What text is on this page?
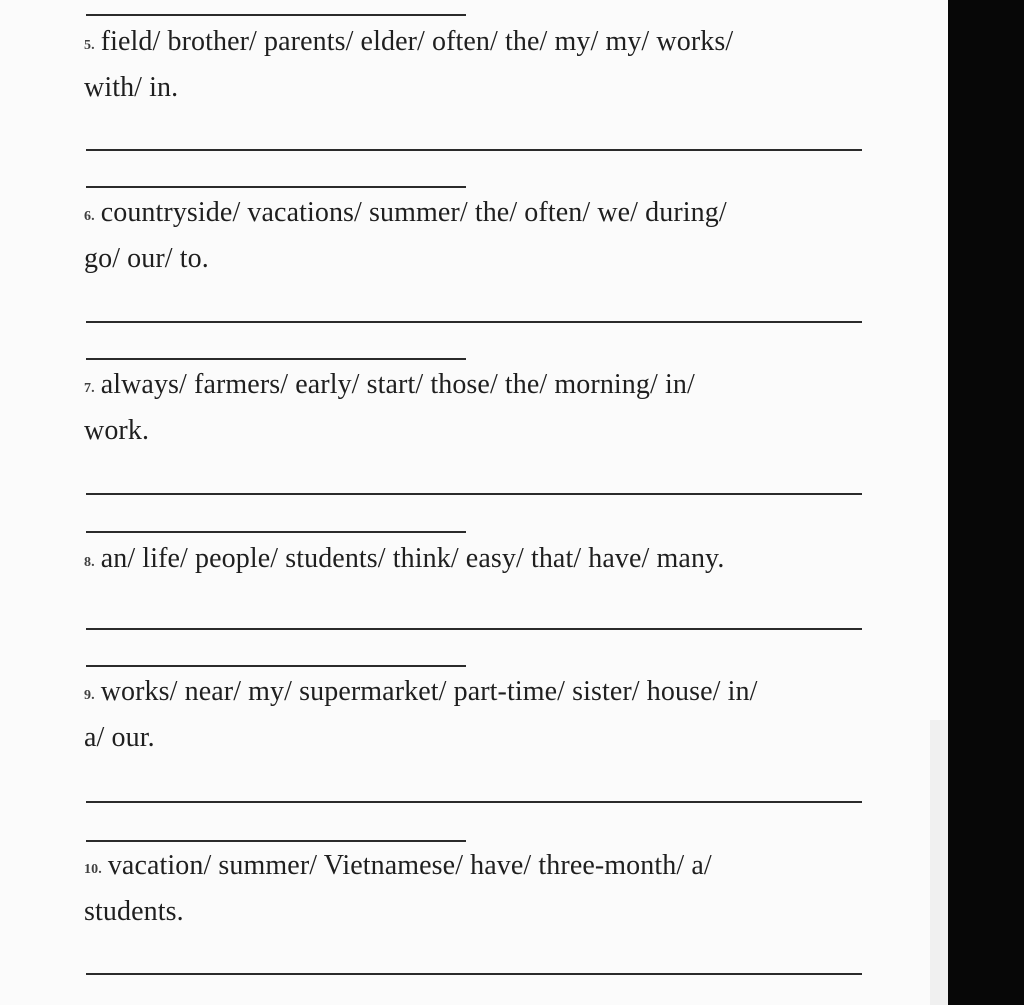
5. field/ brother/ parents/ elder/ often/ the/ my/ my/ works/
with/ in.
6. countryside/ vacations/ summer/ the/ often/ we/ during/
go/ our/ to.
7. always/ farmers/ early/ start/ those/ the/ morning/ in/
work.
8. an/ life/ people/ students/ think/ easy/ that/ have/ many.
9. works/ near/ my/ supermarket/ part-time/ sister/ house/ in/
a/ our.
10. vacation/ summer/ Vietnamese/ have/ three-month/ a/
students.
